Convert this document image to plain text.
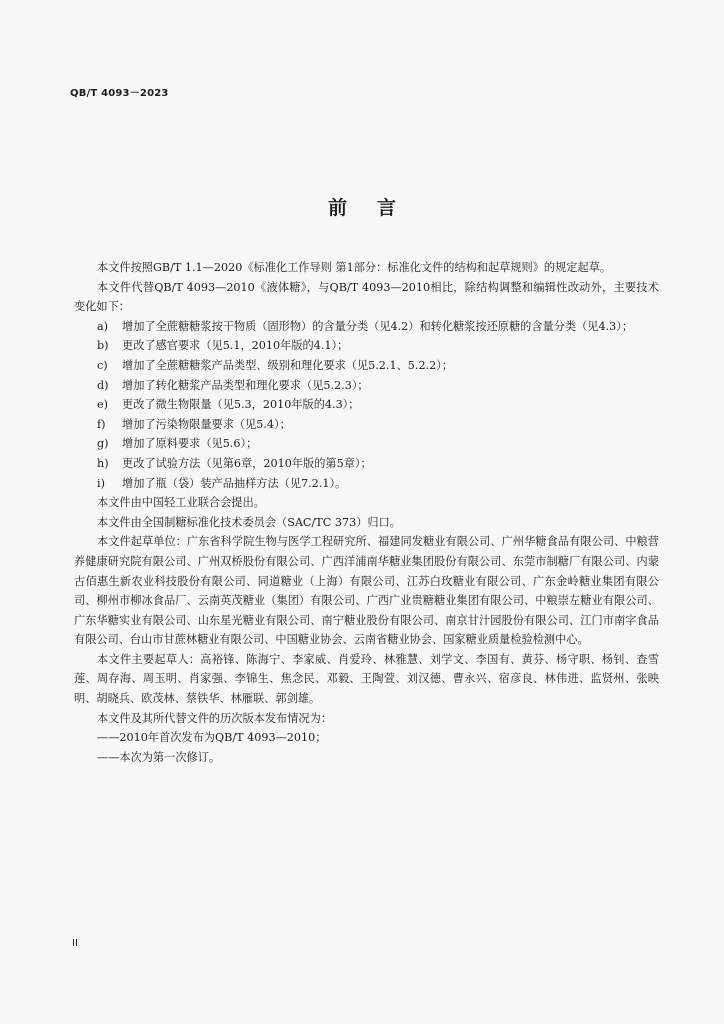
QB/T 4093－2023
前言

本文件按照GB/T 1.1—2020《标准化工作导则 第1部分：标准化文件的结构和起草规则》的规定起草。

本文件代替QB/T 4093—2010《液体糖》，与QB/T 4093—2010相比，除结构调整和编辑性改动外，主要技术变化如下：

a) 增加了全蔗糖糖浆按干物质（固形物）的含量分类（见4.2）和转化糖浆按还原糖的含量分类（见4.3）；

b) 更改了感官要求（见5.1，2010年版的4.1）；

c) 增加了全蔗糖糖浆产品类型、级别和理化要求（见5.2.1、5.2.2）；

d) 增加了转化糖浆产品类型和理化要求（见5.2.3）；

e) 更改了微生物限量（见5.3，2010年版的4.3）；

f) 增加了污染物限量要求（见5.4）；

g) 增加了原料要求（见5.6）；

h) 更改了试验方法（见第6章，2010年版的第5章）；

i) 增加了瓶（袋）装产品抽样方法（见7.2.1）。

本文件由中国轻工业联合会提出。

本文件由全国制糖标准化技术委员会（SAC/TC 373）归口。

本文件起草单位：广东省科学院生物与医学工程研究所、福建同发糖业有限公司、广州华糖食品有限公司、中粮营养健康研究院有限公司、广州双桥股份有限公司、广西洋浦南华糖业集团股份有限公司、东莞市制糖厂有限公司、内蒙古佰惠生新农业科技股份有限公司、同道糖业（上海）有限公司、江苏白玫糖业有限公司、广东金岭糖业集团有限公司、柳州市柳冰食品厂、云南英茂糖业（集团）有限公司、广西广业贵糖糖业集团有限公司、中粮崇左糖业有限公司、广东华糖实业有限公司、山东星光糖业有限公司、南宁糖业股份有限公司、南京甘汁园股份有限公司、江门市南字食品有限公司、台山市甘蔗林糖业有限公司、中国糖业协会、云南省糖业协会、国家糖业质量检验检测中心。

本文件主要起草人：高裕锋、陈海宁、李家威、肖爱玲、林雅慧、刘学文、李国有、黄芬、杨守职、杨钊、查雪莲、周存海、周玉明、肖家强、李锦生、焦念民、邓毅、王陶萱、刘汉德、曹永兴、宿彦良、林伟进、监贤州、张映明、胡晓兵、欧茂林、蔡铁华、林雁联、郭剑雄。

本文件及其所代替文件的历次版本发布情况为：

——2010年首次发布为QB/T 4093—2010；

——本次为第一次修订。

II
